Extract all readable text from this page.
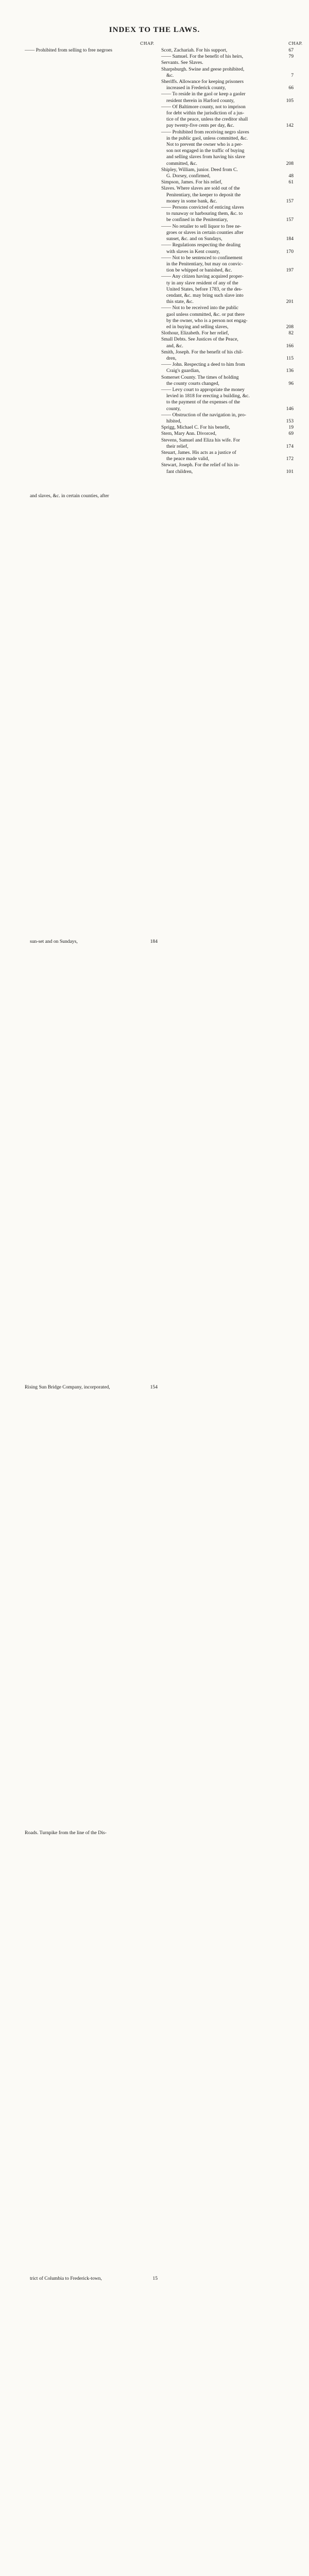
INDEX TO THE LAWS.
CHAP.	CHAP.
—— Prohibited from selling to free negroes
and slaves, &c. in certain counties, after
sun-set and on Sundays,	184
Rising Sun Bridge Company, incorporated,	154
Roads. Turnpike from the line of the Dis-
trict of Columbia to Frederick-town,	15
Scott, Zachariah. For his support,	67
—— Samuel. For the benefit of his heirs,	79
Servants. See Slaves.
Sharpsburgh. Swine and geese prohibited,
&c.	7
Sheriffs. Allowance for keeping prisoners
increased in Frederick county,	66
—— To reside in the gaol or keep a gaoler
resident therein in Harford county,	105
—— Of Baltimore county, not to imprison
for debt within the jurisdiction of a jus-
tice of the peace, unless the creditor shall
pay twenty-five cents per day, &c.	142
—— Prohibited from receiving negro slaves
in the public gaol, unless committed, &c.
Not to prevent the owner who is a per-
son not engaged in the traffic of buying
and selling slaves from having his slave
committed, &c.	208
Shipley, William, junior. Deed from C.
G. Dorsey, confirmed,	48
Simpson, James. For his relief,	61
Slaves. Where slaves are sold out of the
Penitentiary, the keeper to deposit the
money in some bank, &c.	157
—— Persons convicted of enticing slaves
to runaway or harbouring them, &c. to
be confined in the Penitentiary,	157
—— No retailer to sell liquor to free ne-
groes or slaves in certain counties after
sunset, &c. and on Sundays,	184
—— Regulations respecting the dealing
with slaves in Kent county,	170
—— Not to be sentenced to confinement
in the Penitentiary, but may on convic-
tion be whipped or banished, &c.	197
—— Any citizen having acquired proper-
ty in any slave resident of any of the
United States, before 1783, or the des-
cendant, &c. may bring such slave into
this state, &c.	201
—— Not to be received into the public
gaol unless committed, &c. or put there
by the owner, who is a person not engag-
ed in buying and selling slaves,	208
Slothour, Elizabeth. For her relief,	82
Small Debts. See Justices of the Peace,
and, &c.	166
Smith, Joseph. For the benefit of his chil-
dren,	115
—— John. Respecting a deed to him from
Craig's guardian,	136
Somerset County. The times of holding
the county courts changed,	96
—— Levy court to appropriate the money
levied in 1818 for erecting a building, &c.
to the payment of the expenses of the
county,	146
—— Obstruction of the navigation in, pro-
hibited,	153
Sprigg, Michael C. For his benefit,	19
Stern, Mary Ann. Divorced,	69
Stevens, Samuel and Eliza his wife. For
their relief,	174
Steuart, James. His acts as a justice of
the peace made valid,	172
Stewart, Joseph. For the relief of his in-
fant children,	101
